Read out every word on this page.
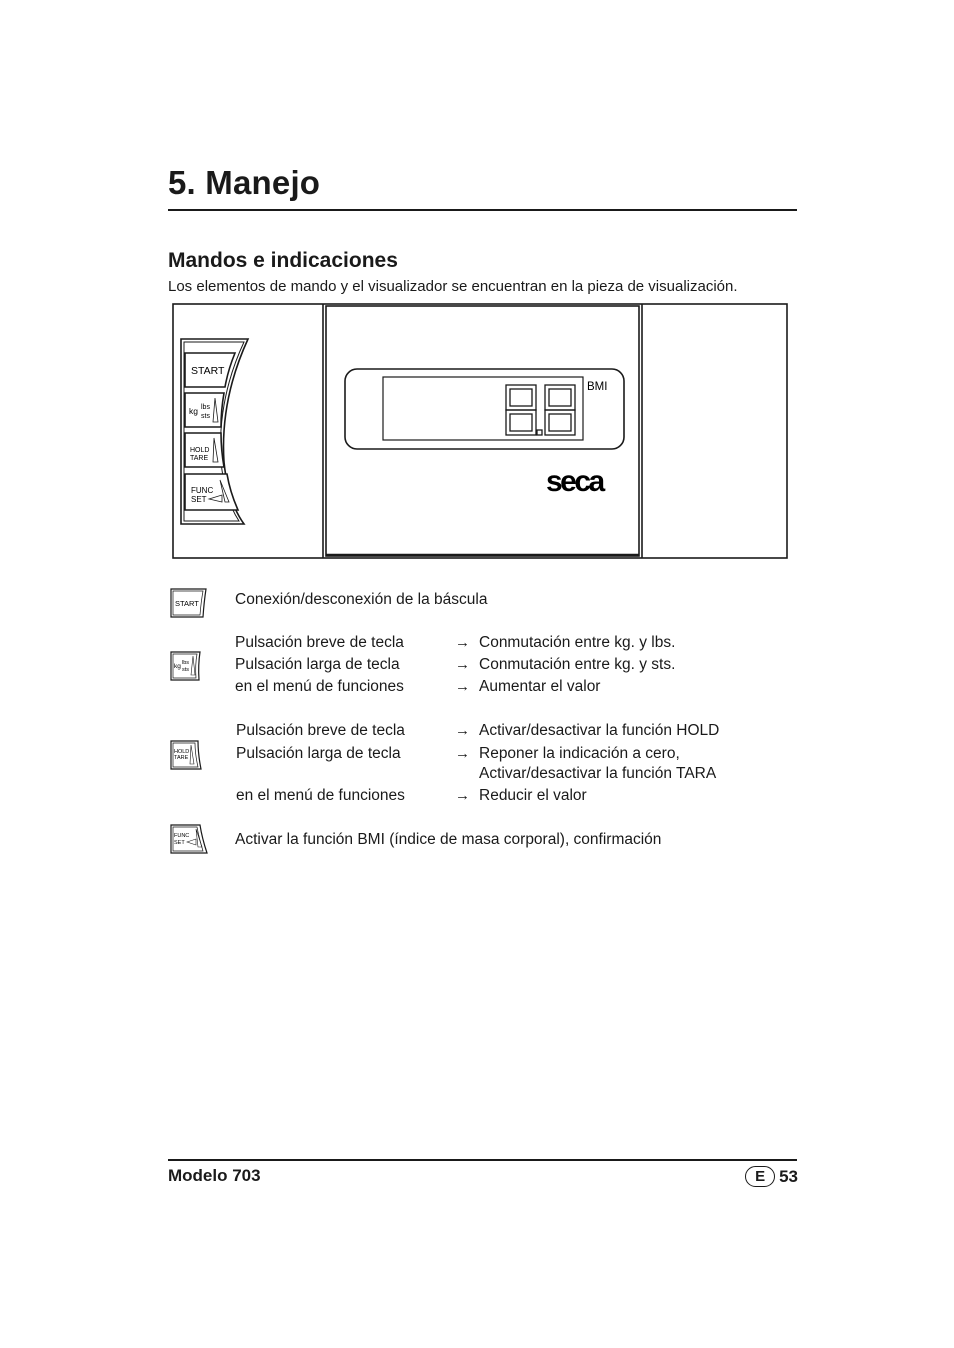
5. Manejo
Mandos e indicaciones

Los elementos de mando y el visualizador se encuentran en la pieza de visualización.

START
kg lbs
sts
HOLD
TARE
FUNC
SET
BMI
seca
START Conexión/desconexión de la báscula
kg lbs
sts
Pulsación breve de tecla	→ Conmutación entre kg. y lbs.
Pulsación larga de tecla	→ Conmutación entre kg. y sts.
en el menú de funciones	→ Aumentar el valor
HOLD
TARE
Pulsación breve de tecla	→ Activar/desactivar la función HOLD
Pulsación larga de tecla	→ Reponer la indicación a cero,
Activar/desactivar la función TARA
en el menú de funciones	→ Reducir el valor
FUNC
SET	Activar la función BMI (índice de masa corporal), confirmación
Modelo 703	E 53
